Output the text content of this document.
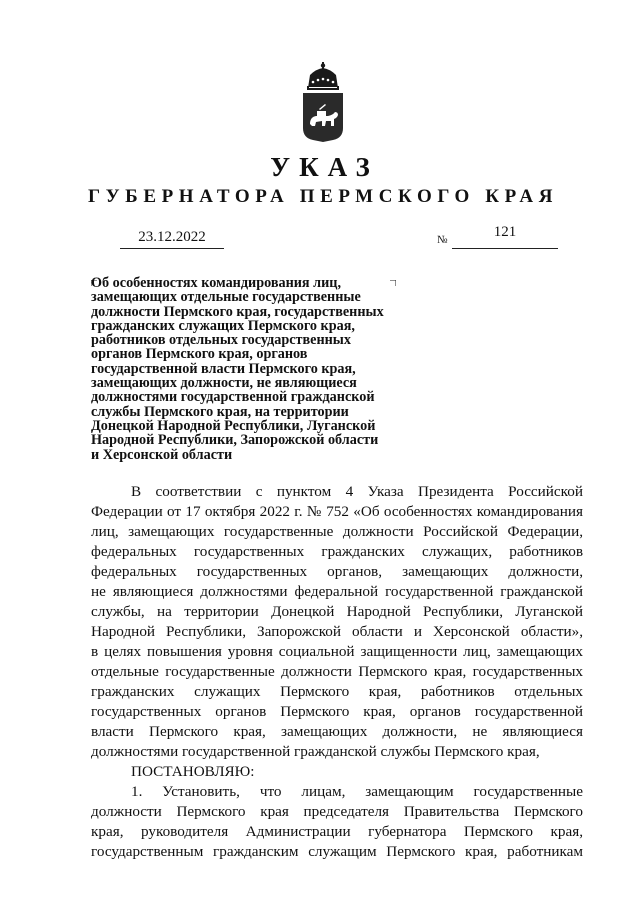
УКАЗ
ГУБЕРНАТОРА ПЕРМСКОГО КРАЯ
23.12.2022	№	121
Об особенностях командирования лиц,
замещающих отдельные государственные
должности Пермского края, государственных
гражданских служащих Пермского края,
работников отдельных государственных
органов Пермского края, органов
государственной власти Пермского края,
замещающих должности, не являющиеся
должностями государственной гражданской
службы Пермского края, на территории
Донецкой Народной Республики, Луганской
Народной Республики, Запорожской области
и Херсонской области
В соответствии с пунктом 4 Указа Президента Российской
Федерации от 17 октября 2022 г. № 752 «Об особенностях командирования
лиц, замещающих государственные должности Российской Федерации,
федеральных государственных гражданских служащих, работников
федеральных государственных органов, замещающих должности,
не являющиеся должностями федеральной государственной гражданской
службы, на территории Донецкой Народной Республики, Луганской
Народной Республики, Запорожской области и Херсонской области»,
в целях повышения уровня социальной защищенности лиц, замещающих
отдельные государственные должности Пермского края, государственных
гражданских служащих Пермского края, работников отдельных
государственных органов Пермского края, органов государственной
власти Пермского края, замещающих должности, не являющиеся
должностями государственной гражданской службы Пермского края,
ПОСТАНОВЛЯЮ:
1. Установить, что лицам, замещающим государственные
должности Пермского края председателя Правительства Пермского
края, руководителя Администрации губернатора Пермского края,
государственным гражданским служащим Пермского края, работникам
